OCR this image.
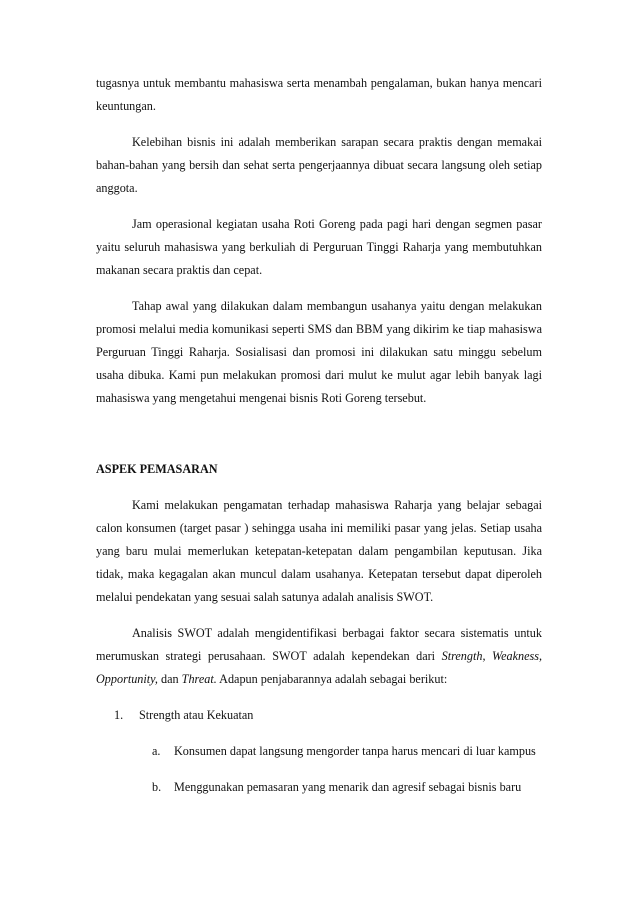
tugasnya untuk membantu mahasiswa serta menambah pengalaman, bukan hanya mencari keuntungan.

Kelebihan bisnis ini adalah memberikan sarapan secara praktis dengan memakai bahan-bahan yang bersih dan sehat serta pengerjaannya dibuat secara langsung oleh setiap anggota.

Jam operasional kegiatan usaha Roti Goreng pada pagi hari dengan segmen pasar yaitu seluruh mahasiswa yang berkuliah di Perguruan Tinggi Raharja yang membutuhkan makanan secara praktis dan cepat.

Tahap awal yang dilakukan dalam membangun usahanya yaitu dengan melakukan promosi melalui media komunikasi seperti SMS dan BBM yang dikirim ke tiap mahasiswa Perguruan Tinggi Raharja. Sosialisasi dan promosi ini dilakukan satu minggu sebelum usaha dibuka. Kami pun melakukan promosi dari mulut ke mulut agar lebih banyak lagi mahasiswa yang mengetahui mengenai bisnis Roti Goreng tersebut.

ASPEK PEMASARAN

Kami melakukan pengamatan terhadap mahasiswa Raharja yang belajar sebagai calon konsumen (target pasar ) sehingga usaha ini memiliki pasar yang jelas. Setiap usaha yang baru mulai memerlukan ketepatan-ketepatan dalam pengambilan keputusan. Jika tidak, maka kegagalan akan muncul dalam usahanya. Ketepatan tersebut dapat diperoleh melalui pendekatan yang sesuai salah satunya adalah analisis SWOT.

Analisis SWOT adalah mengidentifikasi berbagai faktor secara sistematis untuk merumuskan strategi perusahaan. SWOT adalah kependekan dari Strength, Weakness, Opportunity, dan Threat. Adapun penjabarannya adalah sebagai berikut:

1. Strength atau Kekuatan
a. Konsumen dapat langsung mengorder tanpa harus mencari di luar kampus
b. Menggunakan pemasaran yang menarik dan agresif sebagai bisnis baru
